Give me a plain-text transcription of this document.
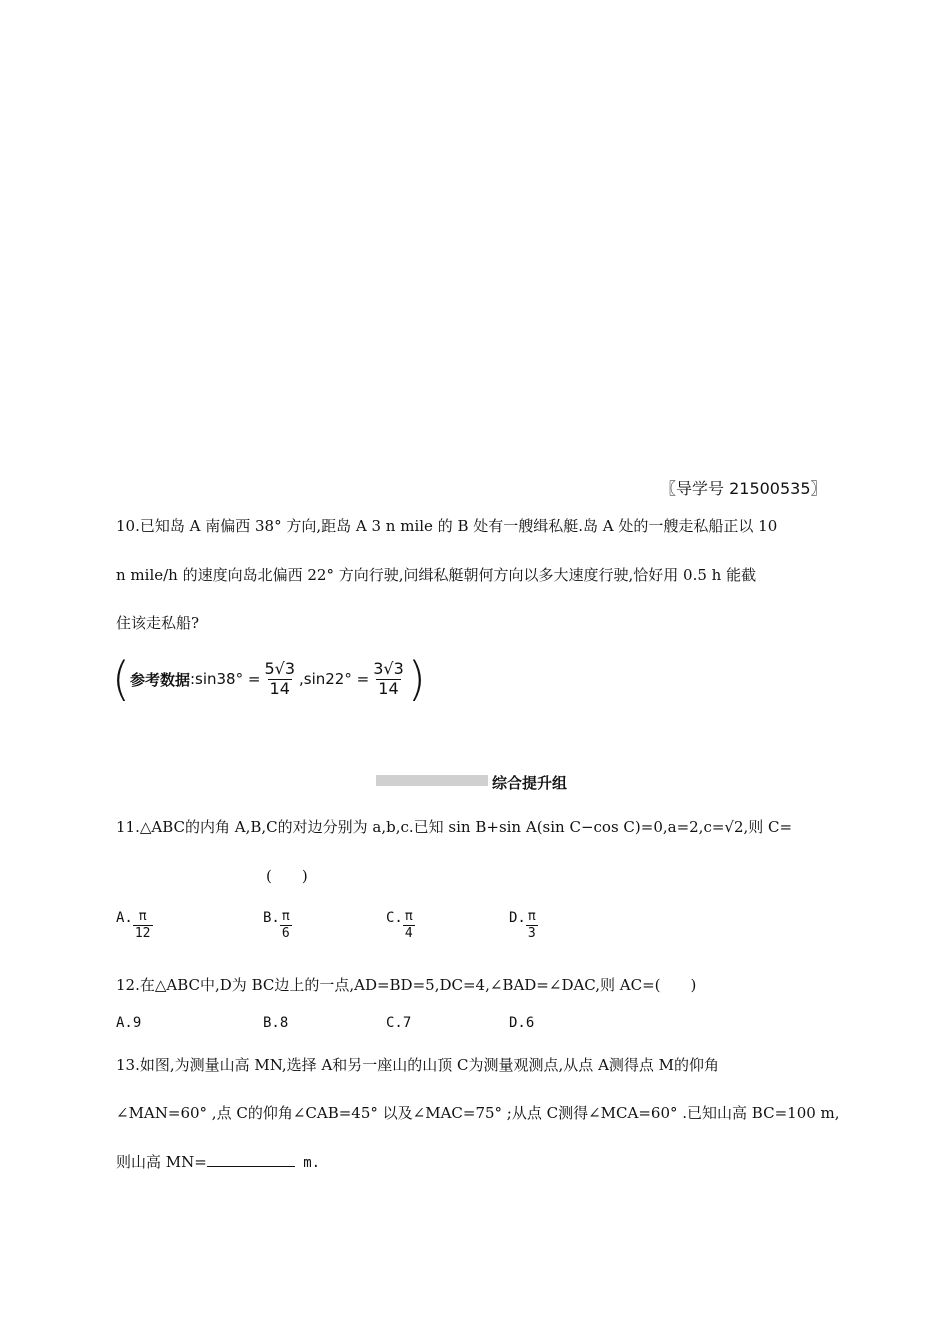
〖导学号 21500535〗
10.已知岛 A 南偏西 38° 方向,距岛 A 3 n mile 的 B 处有一艘缉私艇.岛 A 处的一艘走私船正以 10
n mile/h 的速度向岛北偏西 22° 方向行驶,问缉私艇朝何方向以多大速度行驶,恰好用 0.5 h 能截
住该走私船?
( 参考数据 :sin38° = $\frac{5√3}{14} ,\sin 22^\circ = \frac{3√3}{14}$ )
综合提升组
11.△ABC的内角 A,B,C的对边分别为 a,b,c.已知 sin B+sin A(sin C−cos C)=0,a=2,c=√2,则 C=
(　　)
A. $\frac{\pi}{12}$	B. $\frac{\pi}{6}$	C. $\frac{\pi}{4}$	D. $\frac{\pi}{3}$
12.在△ABC中,D为 BC边上的一点,AD=BD=5,DC=4,∠BAD=∠DAC,则 AC=(　　)
A.9	B.8	C.7	D.6
13.如图,为测量山高 MN,选择 A和另一座山的山顶 C为测量观测点,从点 A测得点 M的仰角
∠MAN=60° ,点 C的仰角∠CAB=45° 以及∠MAC=75° ;从点 C测得∠MCA=60° .已知山高 BC=100 m,
则山高 MN=	m.
